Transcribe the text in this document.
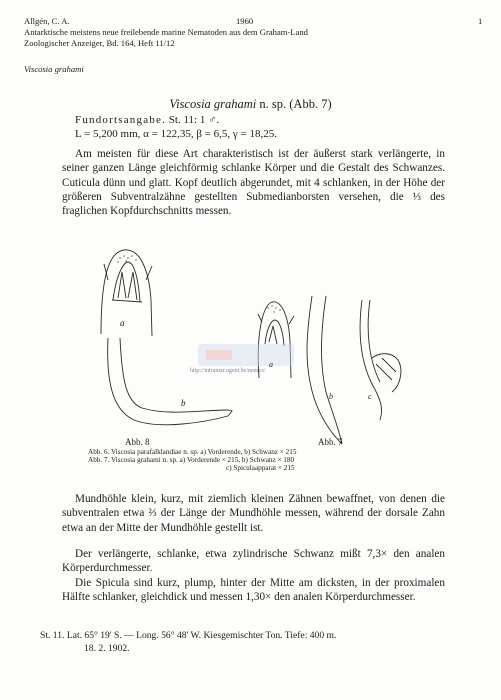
Allgén, C. A.	1960	1
Antarktische meistens neue freilebende marine Nematoden aus dem Graham-Land
Zoologischer Anzeiger, Bd. 164, Heft 11/12
Viscosia grahami
Viscosia grahami n. sp. (Abb. 7)
Fundortsangabe. St. 11: 1 ♂.
L = 5,200 mm, α = 122,35, β = 6,5, γ = 18,25.
Am meisten für diese Art charakteristisch ist der äußerst stark verlängerte, in seiner ganzen Länge gleichförmig schlanke Körper und die Gestalt des Schwanzes. Cuticula dünn und glatt. Kopf deutlich abgerundet, mit 4 schlanken, in der Höhe der größeren Subventralzähne gestellten Submedianborsten versehen, die ⅓ des fraglichen Kopfdurchschnitts messen.
a
b
a
b	c
http://intramar.ugent.be/nemys/
Abb. 8	Abb. 7
Abb. 6. Viscosia parafalklandiae n. sp. a) Vorderende, b) Schwanz × 215
Abb. 7. Viscosia grahami n. sp. a) Vorderende × 215, b) Schwanz × 180
c) Spiculaapparat × 215
Mundhöhle klein, kurz, mit ziemlich kleinen Zähnen bewaffnet, von denen die subventralen etwa ⅔ der Länge der Mundhöhle messen, während der dorsale Zahn etwa an der Mitte der Mundhöhle gestellt ist.
Der verlängerte, schlanke, etwa zylindrische Schwanz mißt 7,3× den analen Körperdurchmesser.
Die Spicula sind kurz, plump, hinter der Mitte am dicksten, in der proximalen Hälfte schlanker, gleichdick und messen 1,30× den analen Körperdurchmesser.
St. 11. Lat. 65° 19' S. — Long. 56° 48' W. Kiesgemischter Ton. Tiefe: 400 m.
18. 2. 1902.
